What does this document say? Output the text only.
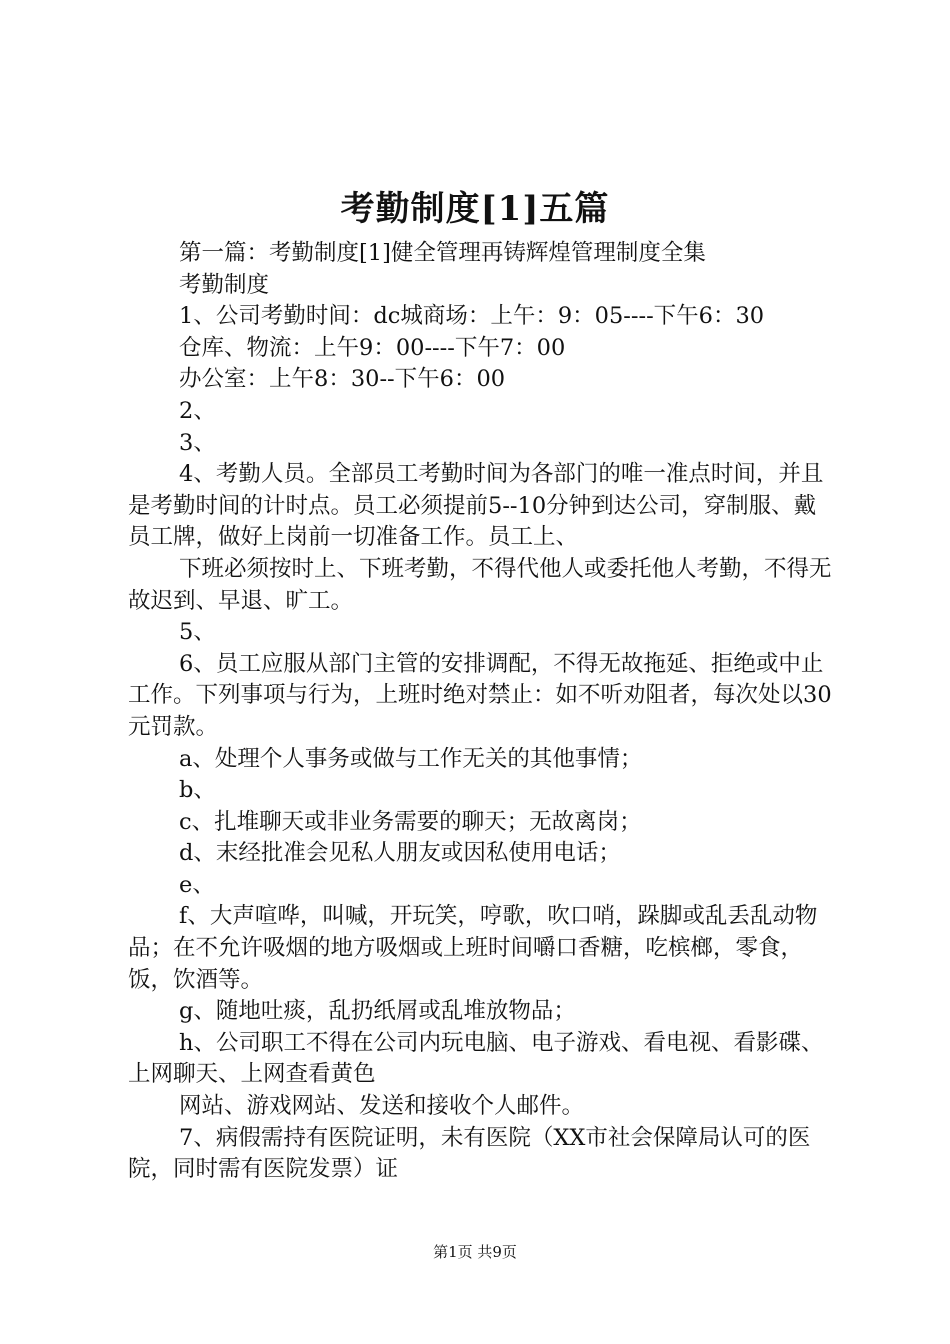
考勤制度[1]五篇

第一篇：考勤制度[1]健全管理再铸辉煌管理制度全集

考勤制度

1、公司考勤时间：dc城商场：上午：9：05----下午6：30

仓库、物流：上午9：00----下午7：00

办公室：上午8：30--下午6：00

2、

3、

4、考勤人员。全部员工考勤时间为各部门的唯一准点时间，并且是考勤时间的计时点。员工必须提前5--10分钟到达公司，穿制服、戴员工牌，做好上岗前一切准备工作。员工上、

下班必须按时上、下班考勤，不得代他人或委托他人考勤，不得无故迟到、早退、旷工。

5、

6、员工应服从部门主管的安排调配，不得无故拖延、拒绝或中止工作。下列事项与行为，上班时绝对禁止：如不听劝阻者，每次处以30元罚款。

a、处理个人事务或做与工作无关的其他事情；

b、

c、扎堆聊天或非业务需要的聊天；无故离岗；

d、末经批准会见私人朋友或因私使用电话；

e、

f、大声喧哗，叫喊，开玩笑，哼歌，吹口哨，跺脚或乱丢乱动物品；在不允许吸烟的地方吸烟或上班时间嚼口香糖，吃槟榔，零食，饭，饮酒等。

g、随地吐痰，乱扔纸屑或乱堆放物品；

h、公司职工不得在公司内玩电脑、电子游戏、看电视、看影碟、上网聊天、上网查看黄色

网站、游戏网站、发送和接收个人邮件。

7、病假需持有医院证明，未有医院（XX市社会保障局认可的医院，同时需有医院发票）证

第1页 共9页
